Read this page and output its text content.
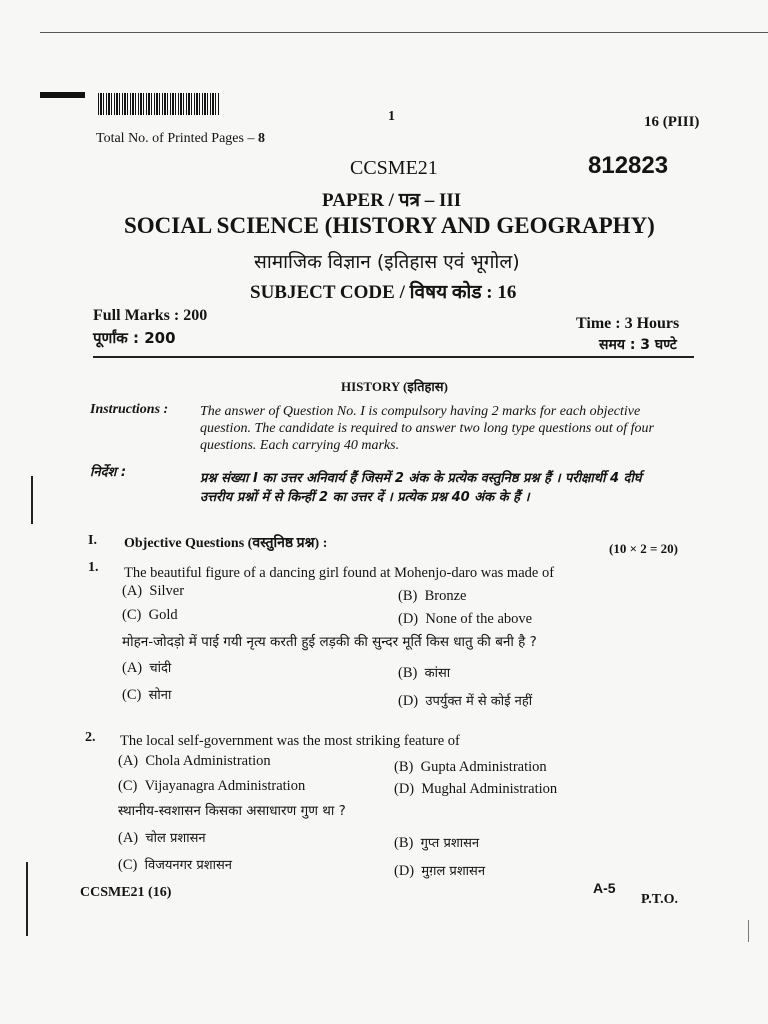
1	16 (PIII)
Total No. of Printed Pages – 8
CCSME21	812823
PAPER / पत्र – III
SOCIAL SCIENCE (HISTORY AND GEOGRAPHY)
सामाजिक विज्ञान (इतिहास एवं भूगोल)
SUBJECT CODE / विषय कोड : 16
Full Marks : 200
पूर्णांक : 200
Time : 3 Hours
समय : 3 घण्टे
HISTORY (इतिहास)
Instructions : The answer of Question No. I is compulsory having 2 marks for each objective question. The candidate is required to answer two long type questions out of four questions. Each carrying 40 marks.
निर्देश :	प्रश्न संख्या I का उत्तर अनिवार्य हैं जिसमें 2 अंक के प्रत्येक वस्तुनिष्ठ प्रश्न हैं । परीक्षार्थी 4 दीर्घ उत्तरीय प्रश्नों में से किन्हीं 2 का उत्तर दें । प्रत्येक प्रश्न 40 अंक के हैं ।
I. Objective Questions (वस्तुनिष्ठ प्रश्न) :	(10 × 2 = 20)
1. The beautiful figure of a dancing girl found at Mohenjo-daro was made of
(A) Silver	(B) Bronze
(C) Gold	(D) None of the above
मोहन-जोदड़ो में पाई गयी नृत्य करती हुई लड़की की सुन्दर मूर्ति किस धातु की बनी है ?
(A) चांदी	(B) कांसा
(C) सोना	(D) उपर्युक्त में से कोई नहीं
2. The local self-government was the most striking feature of
(A) Chola Administration	(B) Gupta Administration
(C) Vijayanagra Administration	(D) Mughal Administration
स्थानीय-स्वशासन किसका असाधारण गुण था ?
(A) चोल प्रशासन	(B) गुप्त प्रशासन
(C) विजयनगर प्रशासन	(D) मुग़ल प्रशासन
CCSME21 (16)	A-5
P.T.O.
